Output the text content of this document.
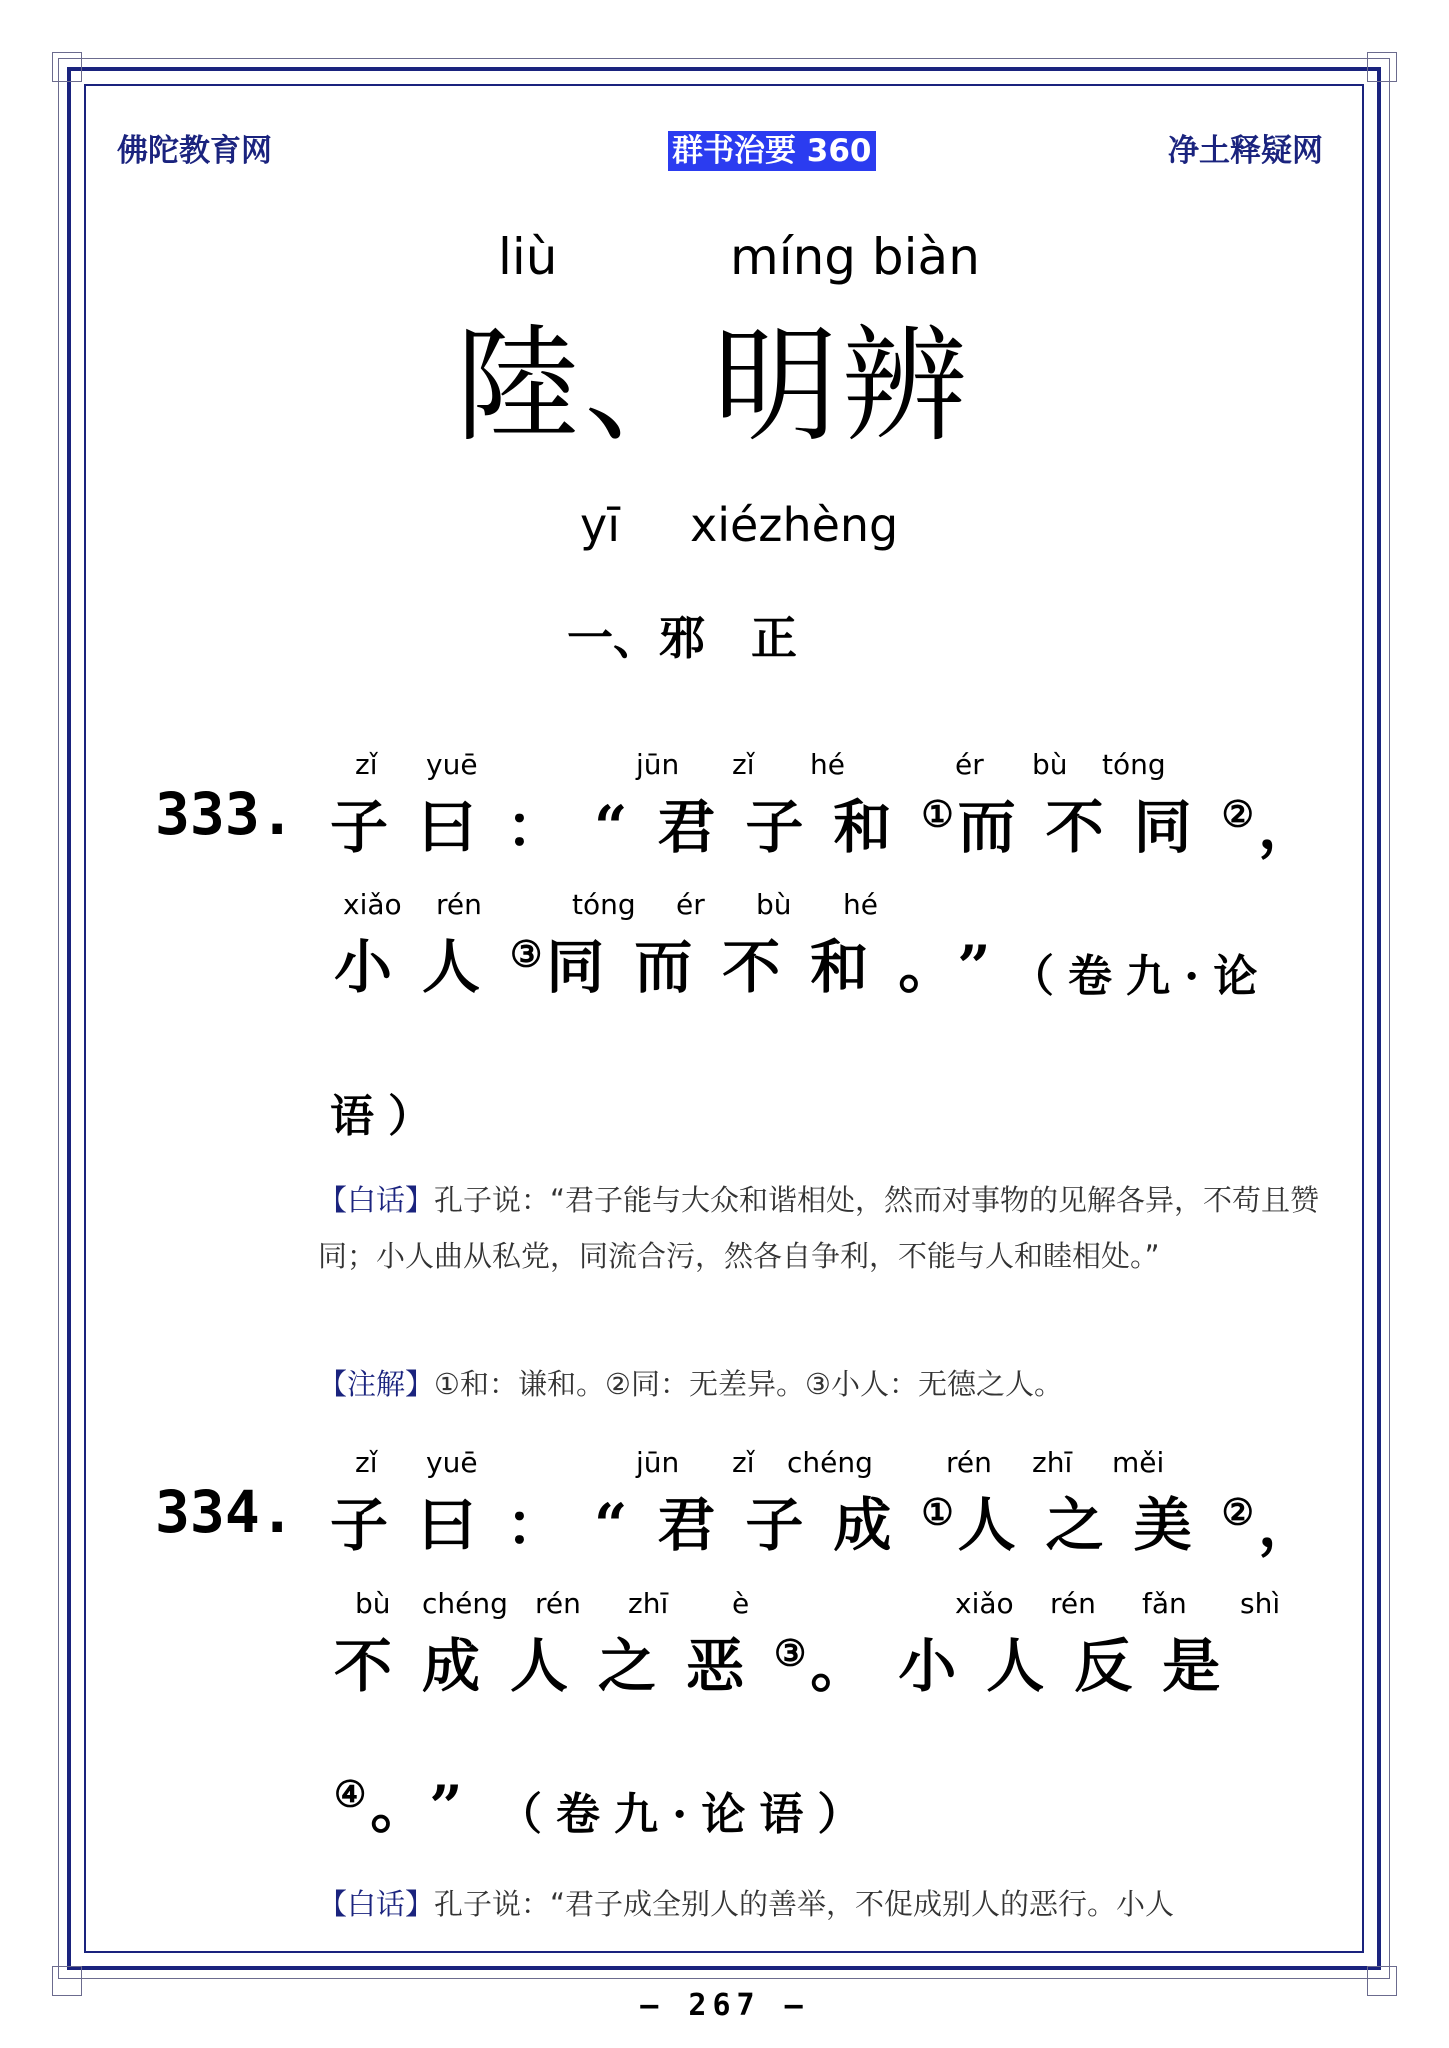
佛陀教育网	群书治要 360	净土释疑网
liù	míng biàn
陸、明辨
yī xiézhèng
一、邪　正
zǐ yuē	jūn zǐ hé	ér bù tóng
333. 子曰：“君子和①而不同②，
xiǎo rén	tóng ér bù hé
小人③同而不和。”
（卷九·论
语）
【白话】孔子说：“君子能与大众和谐相处，然而对事物的见解各异，不苟且赞同；小人曲从私党，同流合污，然各自争利，不能与人和睦相处。”
【注解】①和：谦和。②同：无差异。③小人：无德之人。
zǐ yuē	jūn zǐ chéng	rén zhī měi
334. 子曰：“君子成①人之美②，
bù chéng rén zhī è	xiǎo rén fǎn shì
不成人之恶③。小人反是
④。” （卷九·论语）
【白话】孔子说：“君子成全别人的善举，不促成别人的恶行。小人
– 267 –
